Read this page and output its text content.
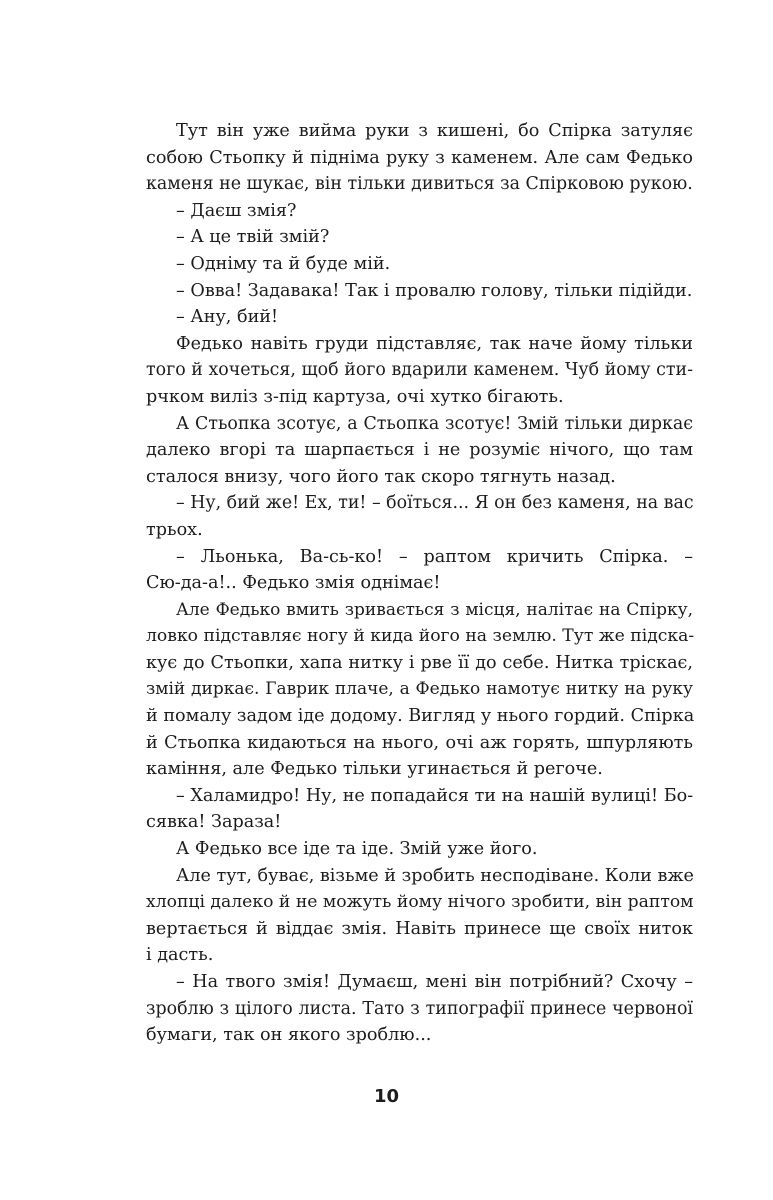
Тут він уже вийма руки з кишені, бо Спірка затуляє
собою Стьопку й підніма руку з каменем. Але сам Федько
каменя не шукає, він тільки дивиться за Спірковою рукою.
– Даєш змія?
– А це твій змій?
– Одніму та й буде мій.
– Овва! Задавака! Так і провалю голову, тільки підійди.
– Ану, бий!
Федько навіть груди підставляє, так наче йому тільки
того й хочеться, щоб його вдарили каменем. Чуб йому сти-
рчком виліз з-під картуза, очі хутко бігають.
А Стьопка зсотує, а Стьопка зсотує! Змій тільки диркає
далеко вгорі та шарпається і не розуміє нічого, що там
сталося внизу, чого його так скоро тягнуть назад.
– Ну, бий же! Ех, ти! – боїться... Я он без каменя, на вас
трьох.
– Льонька, Ва-сь-ко! – раптом кричить Спірка. –
Сю-да-а!.. Федько змія однімає!
Але Федько вмить зривається з місця, налітає на Спірку,
ловко підставляє ногу й кида його на землю. Тут же підска-
кує до Стьопки, хапа нитку і рве її до себе. Нитка тріскає,
змій диркає. Гаврик плаче, а Федько намотує нитку на руку
й помалу задом іде додому. Вигляд у нього гордий. Спірка
й Стьопка кидаються на нього, очі аж горять, шпурляють
каміння, але Федько тільки угинається й регоче.
– Халамидро! Ну, не попадайся ти на нашій вулиці! Бо-
сявка! Зараза!
А Федько все іде та іде. Змій уже його.
Але тут, буває, візьме й зробить несподіване. Коли вже
хлопці далеко й не можуть йому нічого зробити, він раптом
вертається й віддає змія. Навіть принесе ще своїх ниток
і дасть.
– На твого змія! Думаєш, мені він потрібний? Схочу –
зроблю з цілого листа. Тато з типографії принесе червоної
бумаги, так он якого зроблю...
10
